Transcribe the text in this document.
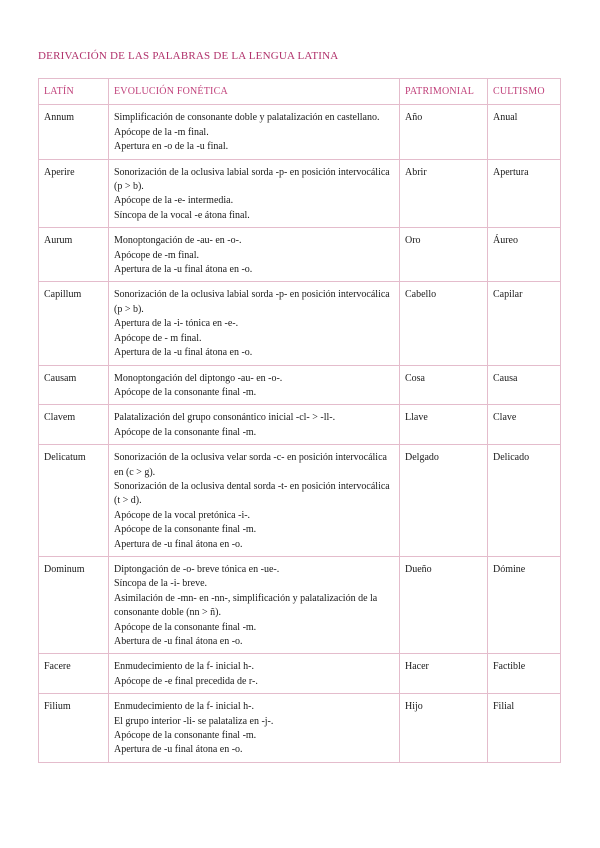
DERIVACIÓN DE LAS PALABRAS DE LA LENGUA LATINA
LATÍN	EVOLUCIÓN FONÉTICA	PATRIMONIAL	CULTISMO
Annum	Simplificación de consonante doble y palatalización en castellano.
Apócope de la -m final.
Apertura en -o de la -u final.	Año	Anual
Aperire	Sonorización de la oclusiva labial sorda -p- en posición intervocálica (p > b).
Apócope de la -e- intermedia.
Síncopa de la vocal -e átona final.	Abrir	Apertura
Aurum	Monoptongación de -au- en -o-.
Apócope de -m final.
Apertura de la -u final átona en -o.	Oro	Áureo
Capillum	Sonorización de la oclusiva labial sorda -p- en posición intervocálica (p > b).
Apertura de la -i- tónica en -e-.
Apócope de - m final.
Apertura de la -u final átona en -o.	Cabello	Capilar
Causam	Monoptongación del diptongo -au- en -o-.
Apócope de la consonante final -m.	Cosa	Causa
Clavem	Palatalización del grupo consonántico inicial -cl- > -ll-.
Apócope de la consonante final -m.	Llave	Clave
Delicatum	Sonorización de la oclusiva velar sorda -c- en posición intervocálica en (c > g).
Sonorización de la oclusiva dental sorda -t- en posición intervocálica (t > d).
Apócope de la vocal pretónica -i-.
Apócope de la consonante final -m.
Apertura de -u final átona en -o.	Delgado	Delicado
Dominum	Diptongación de -o- breve tónica en -ue-.
Síncopa de la -i- breve.
Asimilación de -mn- en -nn-, simplificación y palatalización de la consonante doble (nn > ñ).
Apócope de la consonante final -m.
Abertura de -u final átona en -o.	Dueño	Dómine
Facere	Enmudecimiento de la f- inicial h-.
Apócope de -e final precedida de r-.	Hacer	Factible
Filium	Enmudecimiento de la f- inicial h-.
El grupo interior -li- se palataliza en -j-.
Apócope de la consonante final -m.
Apertura de -u final átona en -o.	Hijo	Filial
